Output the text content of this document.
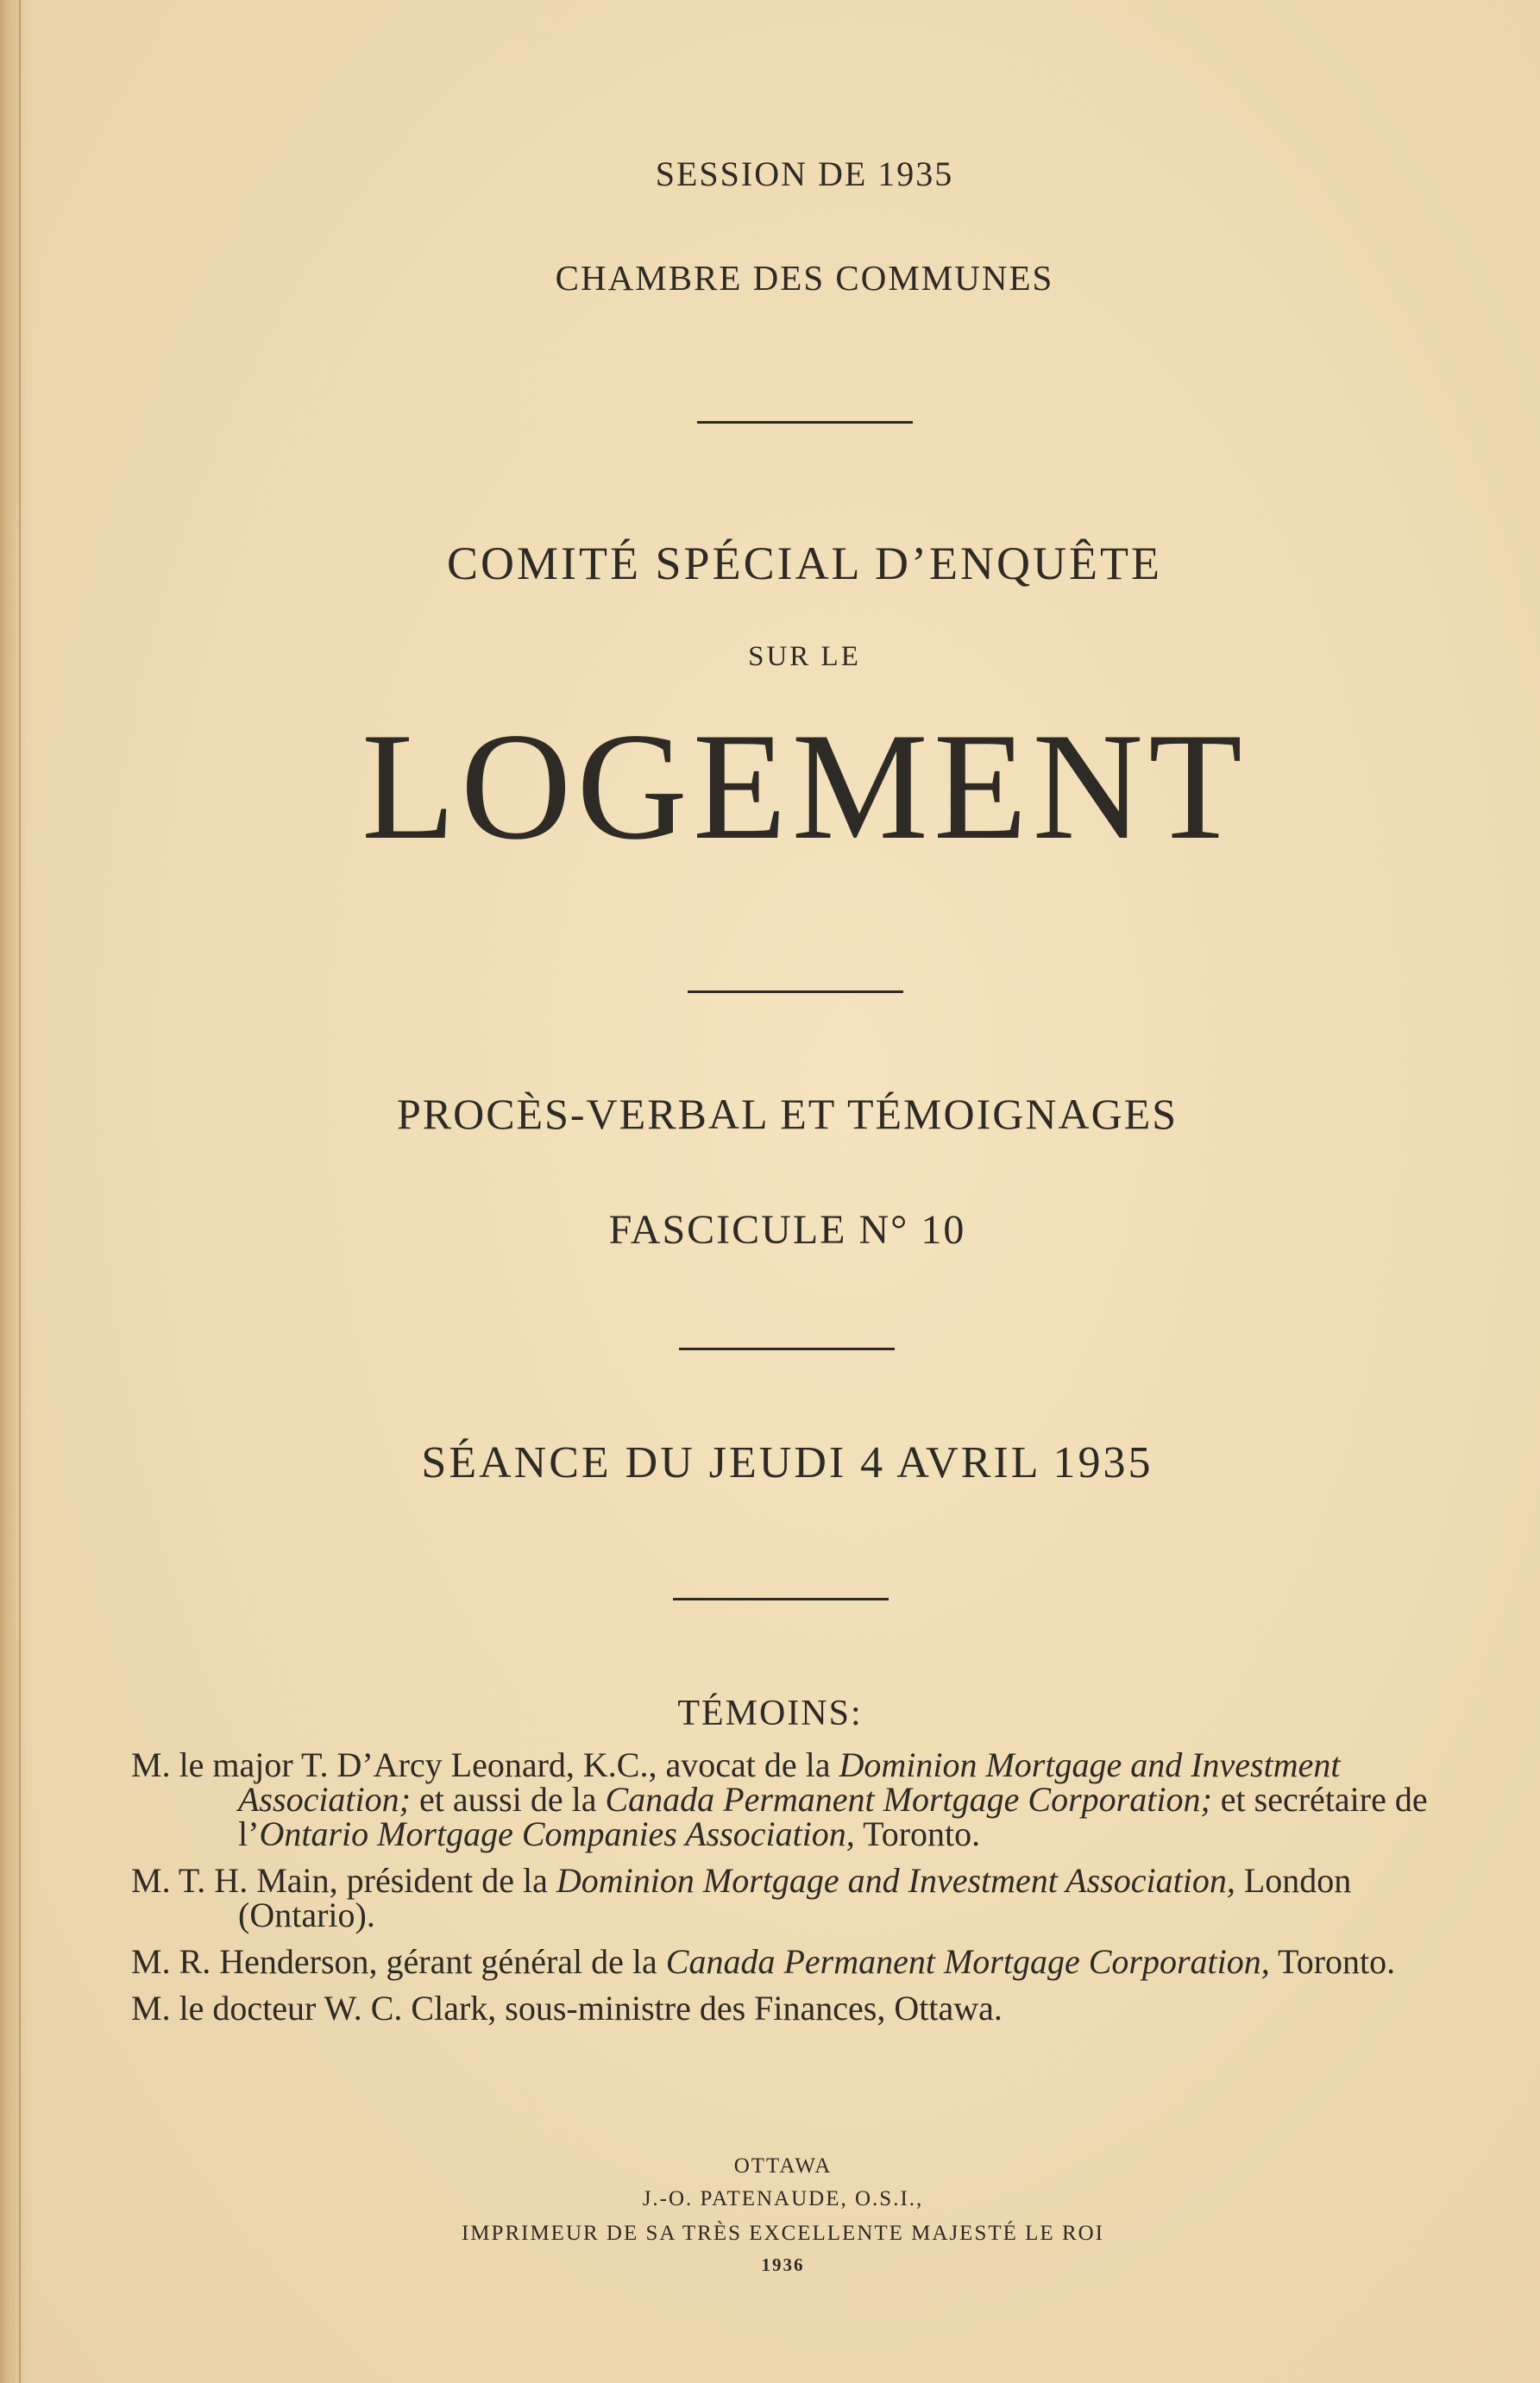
SESSION DE 1935
CHAMBRE DES COMMUNES
COMITÉ SPÉCIAL D’ENQUÊTE
SUR LE
LOGEMENT
PROCÈS-VERBAL ET TÉMOIGNAGES
FASCICULE N° 10
SÉANCE DU JEUDI 4 AVRIL 1935
TÉMOINS:
M. le major T. D’Arcy Leonard, K.C., avocat de la Dominion Mortgage and Investment Association; et aussi de la Canada Permanent Mortgage Corporation; et secrétaire de l’Ontario Mortgage Companies Association, Toronto.
M. T. H. Main, président de la Dominion Mortgage and Investment Association, London (Ontario).
M. R. Henderson, gérant général de la Canada Permanent Mortgage Corporation, Toronto.
M. le docteur W. C. Clark, sous-ministre des Finances, Ottawa.
OTTAWA
J.-O. PATENAUDE, O.S.I.,
IMPRIMEUR DE SA TRÈS EXCELLENTE MAJESTÉ LE ROI
1936
